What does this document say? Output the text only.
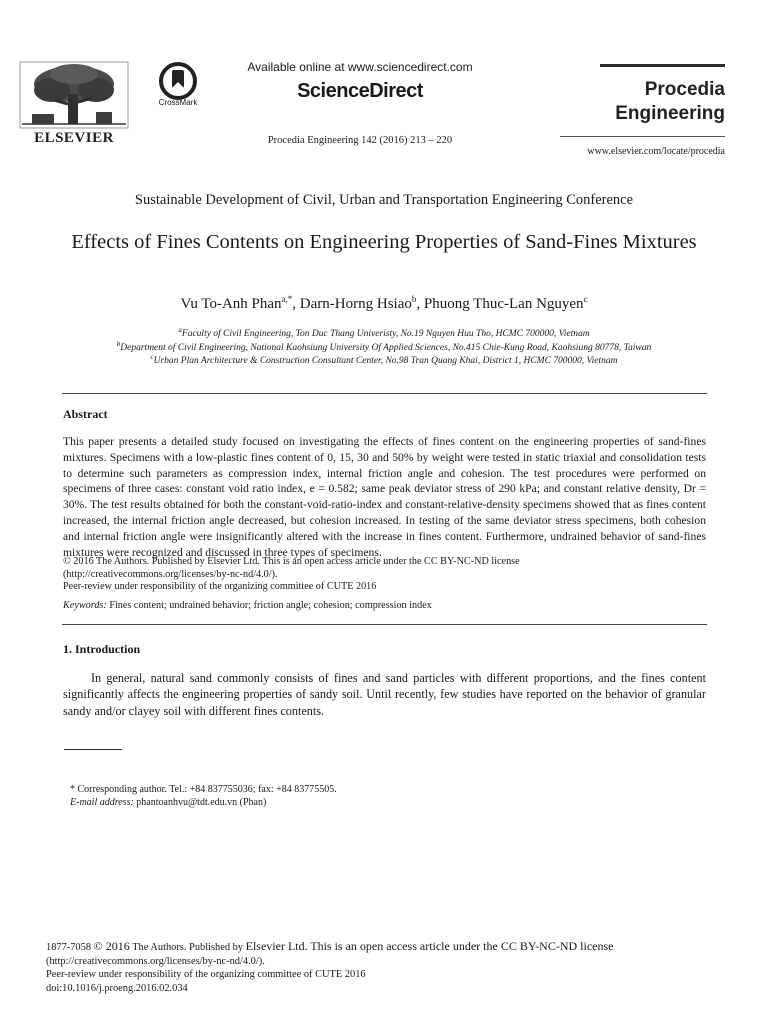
ELSEVIER
CrossMark
Available online at www.sciencedirect.com
ScienceDirect
Procedia Engineering 142 (2016) 213 – 220
Procedia
Engineering
www.elsevier.com/locate/procedia
Sustainable Development of Civil, Urban and Transportation Engineering Conference
Effects of Fines Contents on Engineering Properties of Sand-Fines Mixtures
Vu To-Anh Phan$^{a,*}$, Darn-Horng Hsiao$^b$, Phuong Thuc-Lan Nguyen$^c$
$^a$Faculty of Civil Engineering, Ton Duc Thang Univeristy, No.19 Nguyen Huu Tho, HCMC 700000, Vietnam
$^b$Department of Civil Engineering, National Kaohsiung University Of Applied Sciences, No.415 Chie-Kung Road, Kaohsiung 80778, Taiwan
$^c$Urban Plan Architecture & Construction Consultant Center, No.98 Tran Quang Khai, District 1, HCMC 700000, Vietnam
Abstract
This paper presents a detailed study focused on investigating the effects of fines content on the engineering properties of sand-fines mixtures. Specimens with a low-plastic fines content of 0, 15, 30 and 50% by weight were tested in static triaxial and consolidation tests to determine such parameters as compression index, internal friction angle and cohesion. The test procedures were performed on specimens of three cases: constant void ratio index, e = 0.582; same peak deviator stress of 290 kPa; and constant relative density, Dr = 30%. The test results obtained for both the constant-void-ratio-index and constant-relative-density specimens showed that as fines content increased, the internal friction angle decreased, but cohesion increased. In testing of the same deviator stress specimens, both cohesion and internal friction angle were insignificantly altered with the increase in fines content. Furthermore, undrained behavior of sand-fines mixtures were recognized and discussed in three types of specimens.
© 2016 The Authors. Published by Elsevier Ltd. This is an open access article under the CC BY-NC-ND license
(http://creativecommons.org/licenses/by-nc-nd/4.0/).
Peer-review under responsibility of the organizing committee of CUTE 2016
Keywords: Fines content; undrained behavior; friction angle; cohesion; compression index
1. Introduction
In general, natural sand commonly consists of fines and sand particles with different proportions, and the fines content significantly affects the engineering properties of sandy soil. Until recently, few studies have reported on the behavior of granular sandy and/or clayey soil with different fines contents.
* Corresponding author. Tel.: +84 837755036; fax: +84 83775505.
E-mail address: phantoanhvu@tdt.edu.vn (Phan)
1877-7058 © 2016 The Authors. Published by Elsevier Ltd. This is an open access article under the CC BY-NC-ND license
(http://creativecommons.org/licenses/by-nc-nd/4.0/).
Peer-review under responsibility of the organizing committee of CUTE 2016
doi:10.1016/j.proeng.2016.02.034
